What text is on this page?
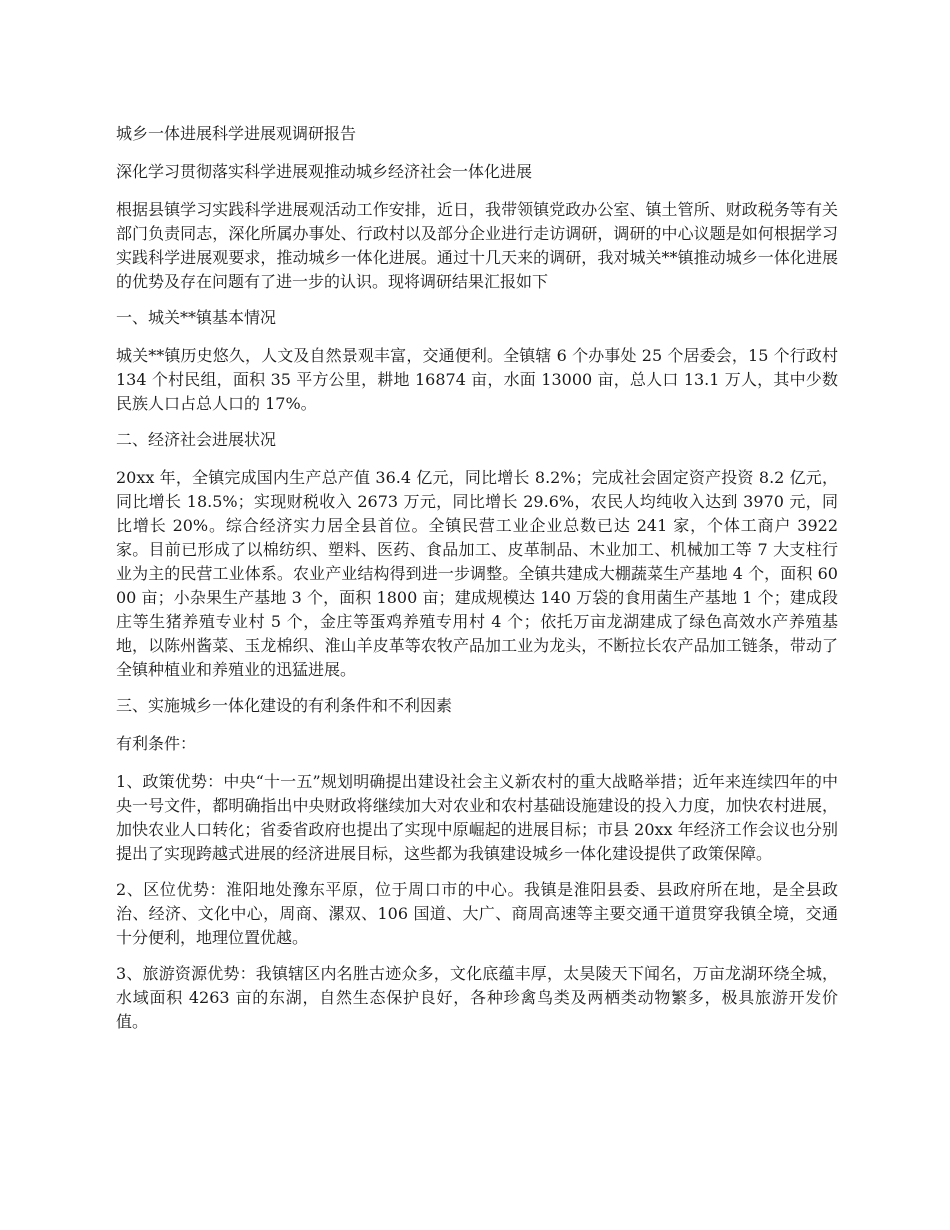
城乡一体进展科学进展观调研报告

深化学习贯彻落实科学进展观推动城乡经济社会一体化进展

根据县镇学习实践科学进展观活动工作安排，近日，我带领镇党政办公室、镇土管所、财政税务等有关部门负责同志，深化所属办事处、行政村以及部分企业进行走访调研，调研的中心议题是如何根据学习实践科学进展观要求，推动城乡一体化进展。通过十几天来的调研，我对城关**镇推动城乡一体化进展的优势及存在问题有了进一步的认识。现将调研结果汇报如下

一、城关**镇基本情况

城关**镇历史悠久，人文及自然景观丰富，交通便利。全镇辖 6 个办事处 25 个居委会，15 个行政村 134 个村民组，面积 35 平方公里，耕地 16874 亩，水面 13000 亩，总人口 13.1 万人，其中少数民族人口占总人口的 17%。

二、经济社会进展状况

20xx 年，全镇完成国内生产总产值 36.4 亿元，同比增长 8.2%；完成社会固定资产投资 8.2 亿元，同比增长 18.5%；实现财税收入 2673 万元，同比增长 29.6%，农民人均纯收入达到 3970 元，同比增长 20%。综合经济实力居全县首位。全镇民营工业企业总数已达 241 家，个体工商户 3922 家。目前已形成了以棉纺织、塑料、医药、食品加工、皮革制品、木业加工、机械加工等 7 大支柱行业为主的民营工业体系。农业产业结构得到进一步调整。全镇共建成大棚蔬菜生产基地 4 个，面积 6000 亩；小杂果生产基地 3 个，面积 1800 亩；建成规模达 140 万袋的食用菌生产基地 1 个；建成段庄等生猪养殖专业村 5 个，金庄等蛋鸡养殖专用村 4 个；依托万亩龙湖建成了绿色高效水产养殖基地，以陈州酱菜、玉龙棉织、淮山羊皮革等农牧产品加工业为龙头，不断拉长农产品加工链条，带动了全镇种植业和养殖业的迅猛进展。

三、实施城乡一体化建设的有利条件和不利因素

有利条件：

1、政策优势：中央“十一五”规划明确提出建设社会主义新农村的重大战略举措；近年来连续四年的中央一号文件，都明确指出中央财政将继续加大对农业和农村基础设施建设的投入力度，加快农村进展，加快农业人口转化；省委省政府也提出了实现中原崛起的进展目标；市县 20xx 年经济工作会议也分别提出了实现跨越式进展的经济进展目标，这些都为我镇建设城乡一体化建设提供了政策保障。

2、区位优势：淮阳地处豫东平原，位于周口市的中心。我镇是淮阳县委、县政府所在地，是全县政治、经济、文化中心，周商、漯双、106 国道、大广、商周高速等主要交通干道贯穿我镇全境，交通十分便利，地理位置优越。

3、旅游资源优势：我镇辖区内名胜古迹众多，文化底蕴丰厚，太昊陵天下闻名，万亩龙湖环绕全城，水域面积 4263 亩的东湖，自然生态保护良好，各种珍禽鸟类及两栖类动物繁多，极具旅游开发价值。
